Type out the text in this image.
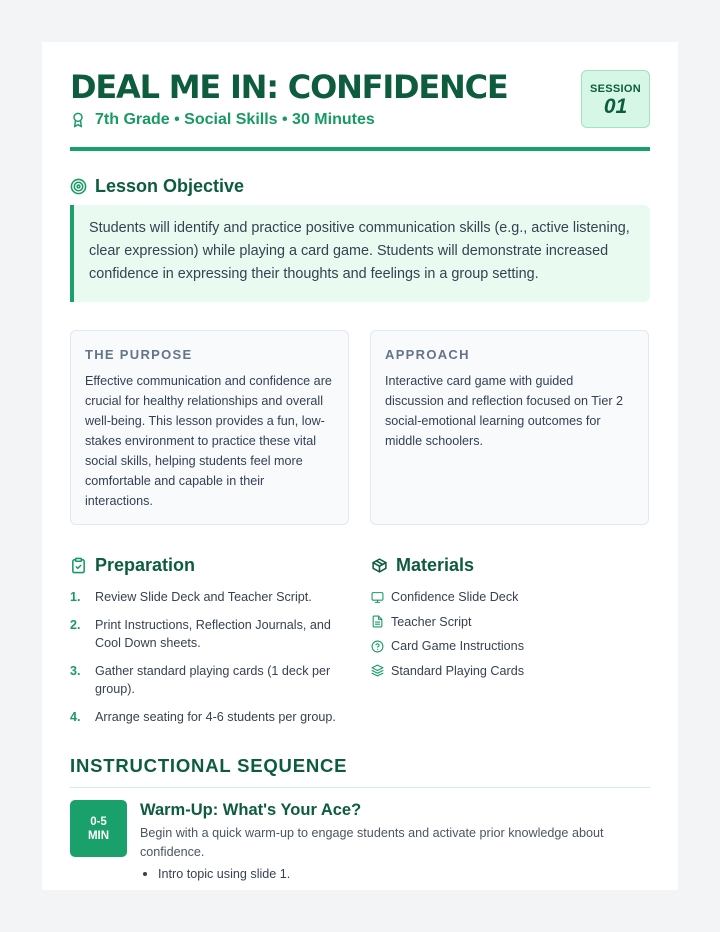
DEAL ME IN: CONFIDENCE
7th Grade • Social Skills • 30 Minutes
SESSION
01
Lesson Objective
Students will identify and practice positive communication skills (e.g., active listening, clear expression) while playing a card game. Students will demonstrate increased confidence in expressing their thoughts and feelings in a group setting.
THE PURPOSE

Effective communication and confidence are crucial for healthy relationships and overall well-being. This lesson provides a fun, low-stakes environment to practice these vital social skills, helping students feel more comfortable and capable in their interactions.

APPROACH

Interactive card game with guided discussion and reflection focused on Tier 2 social-emotional learning outcomes for middle schoolers.

Preparation
1.	Review Slide Deck and Teacher Script.
2.	Print Instructions, Reflection Journals, and Cool Down sheets.
3.	Gather standard playing cards (1 deck per group).
4.	Arrange seating for 4-6 students per group.
Materials
Confidence Slide Deck
Teacher Script
Card Game Instructions
Standard Playing Cards
INSTRUCTIONAL SEQUENCE
0-5
MIN
Warm-Up: What's Your Ace?
Begin with a quick warm-up to engage students and activate prior knowledge about confidence.
Intro topic using slide 1.
